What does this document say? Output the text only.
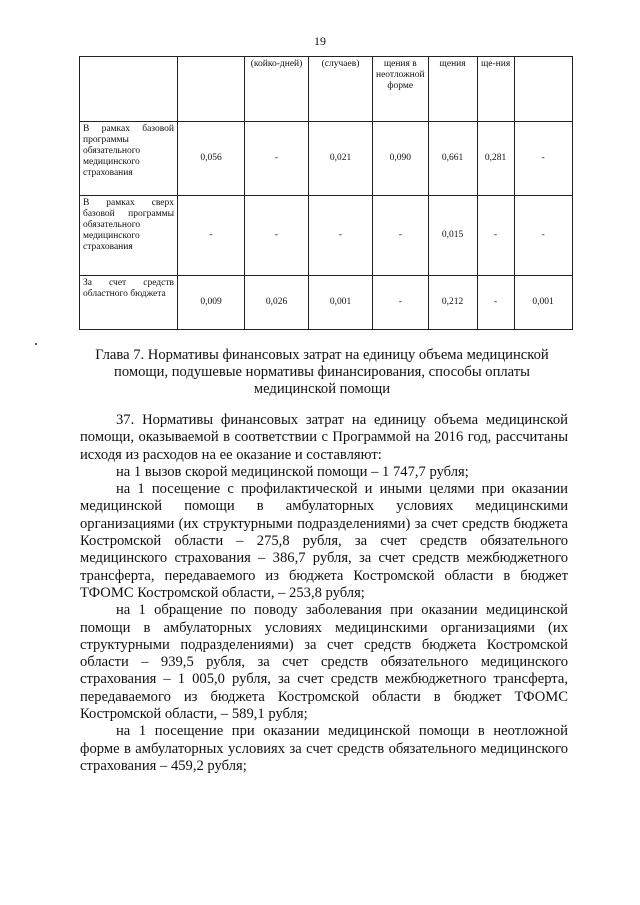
19
		(койко-дней)	(случаев)	щения в неотложной форме	щения	ще-ния	
В рамках базовой программы обязательного медицинского страхования	0,056	-	0,021	0,090	0,661	0,281	-
В рамках сверх базовой программы обязательного медицинского страхования	-	-	-	-	0,015	-	-
За счет средств областного бюджета	0,009	0,026	0,001	-	0,212	-	0,001
Глава 7. Нормативы финансовых затрат на единицу объема медицинской помощи, подушевые нормативы финансирования, способы оплаты медицинской помощи

37. Нормативы финансовых затрат на единицу объема медицинской помощи, оказываемой в соответствии с Программой на 2016 год, рассчитаны исходя из расходов на ее оказание и составляют:

на 1 вызов скорой медицинской помощи – 1 747,7 рубля;

на 1 посещение с профилактической и иными целями при оказании медицинской помощи в амбулаторных условиях медицинскими организациями (их структурными подразделениями) за счет средств бюджета Костромской области – 275,8 рубля, за счет средств обязательного медицинского страхования – 386,7 рубля, за счет средств межбюджетного трансферта, передаваемого из бюджета Костромской области в бюджет ТФОМС Костромской области, – 253,8 рубля;

на 1 обращение по поводу заболевания при оказании медицинской помощи в амбулаторных условиях медицинскими организациями (их структурными подразделениями) за счет средств бюджета Костромской области – 939,5 рубля, за счет средств обязательного медицинского страхования – 1 005,0 рубля, за счет средств межбюджетного трансферта, передаваемого из бюджета Костромской области в бюджет ТФОМС Костромской области, – 589,1 рубля;

на 1 посещение при оказании медицинской помощи в неотложной форме в амбулаторных условиях за счет средств обязательного медицинского страхования – 459,2 рубля;
